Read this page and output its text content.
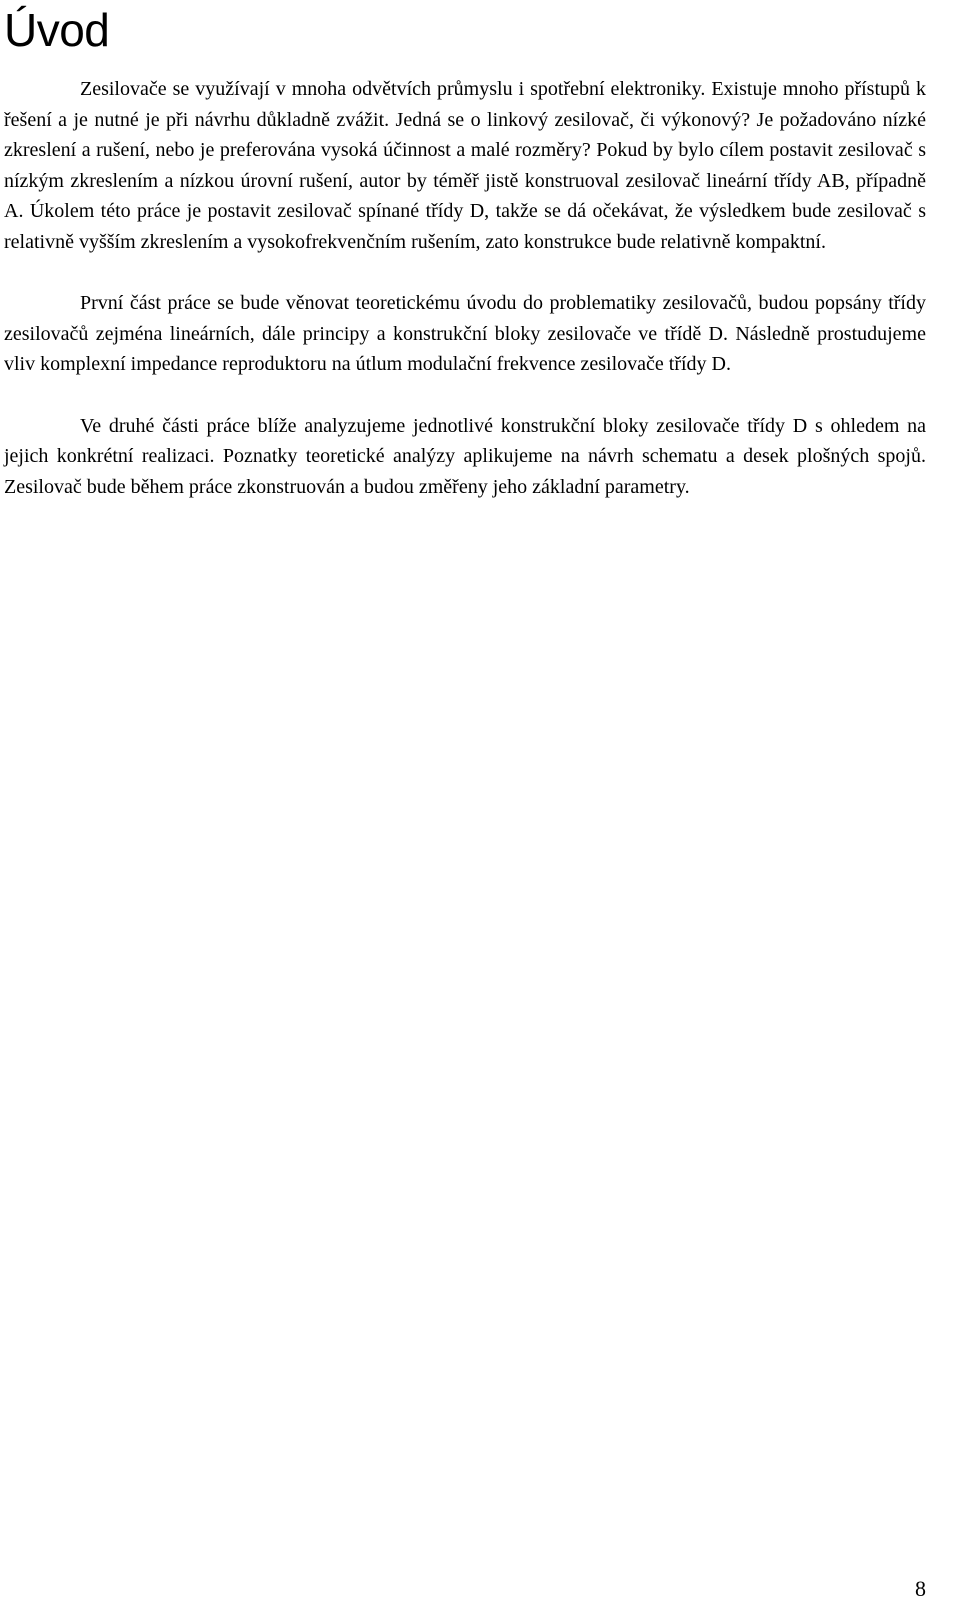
Úvod

Zesilovače se využívají v mnoha odvětvích průmyslu i spotřební elektroniky. Existuje mnoho přístupů k řešení a je nutné je při návrhu důkladně zvážit. Jedná se o linkový zesilovač, či výkonový? Je požadováno nízké zkreslení a rušení, nebo je preferována vysoká účinnost a malé rozměry? Pokud by bylo cílem postavit zesilovač s nízkým zkreslením a nízkou úrovní rušení, autor by téměř jistě konstruoval zesilovač lineární třídy AB, případně A. Úkolem této práce je postavit zesilovač spínané třídy D, takže se dá očekávat, že výsledkem bude zesilovač s relativně vyšším zkreslením a vysokofrekvenčním rušením, zato konstrukce bude relativně kompaktní.

První část práce se bude věnovat teoretickému úvodu do problematiky zesilovačů, budou popsány třídy zesilovačů zejména lineárních, dále principy a konstrukční bloky zesilovače ve třídě D. Následně prostudujeme vliv komplexní impedance reproduktoru na útlum modulační frekvence zesilovače třídy D.

Ve druhé části práce blíže analyzujeme jednotlivé konstrukční bloky zesilovače třídy D s ohledem na jejich konkrétní realizaci. Poznatky teoretické analýzy aplikujeme na návrh schematu a desek plošných spojů. Zesilovač bude během práce zkonstruován a budou změřeny jeho základní parametry.

8
